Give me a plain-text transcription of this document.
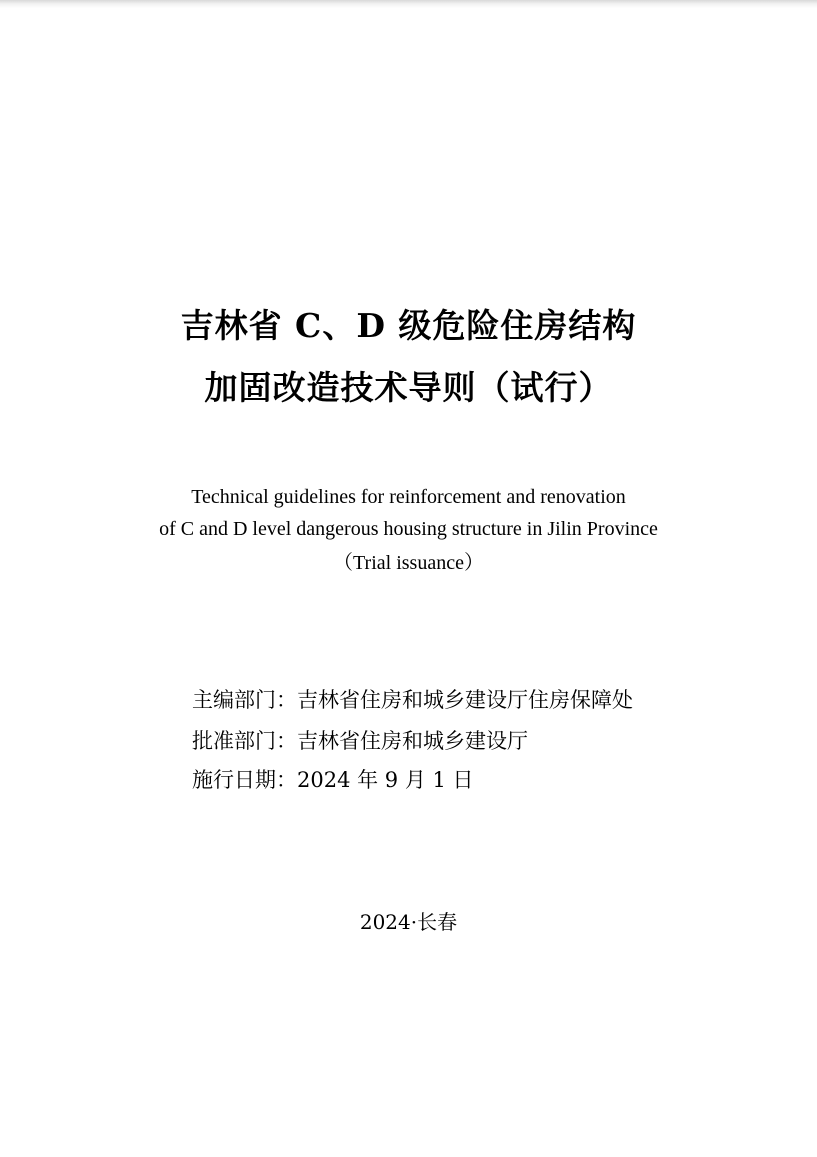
吉林省 C、D 级危险住房结构
加固改造技术导则（试行）
Technical guidelines for reinforcement and renovation
of C and D level dangerous housing structure in Jilin Province
（Trial issuance）
主编部门：吉林省住房和城乡建设厅住房保障处
批准部门：吉林省住房和城乡建设厅
施行日期：2024 年 9 月 1 日
2024·长春
